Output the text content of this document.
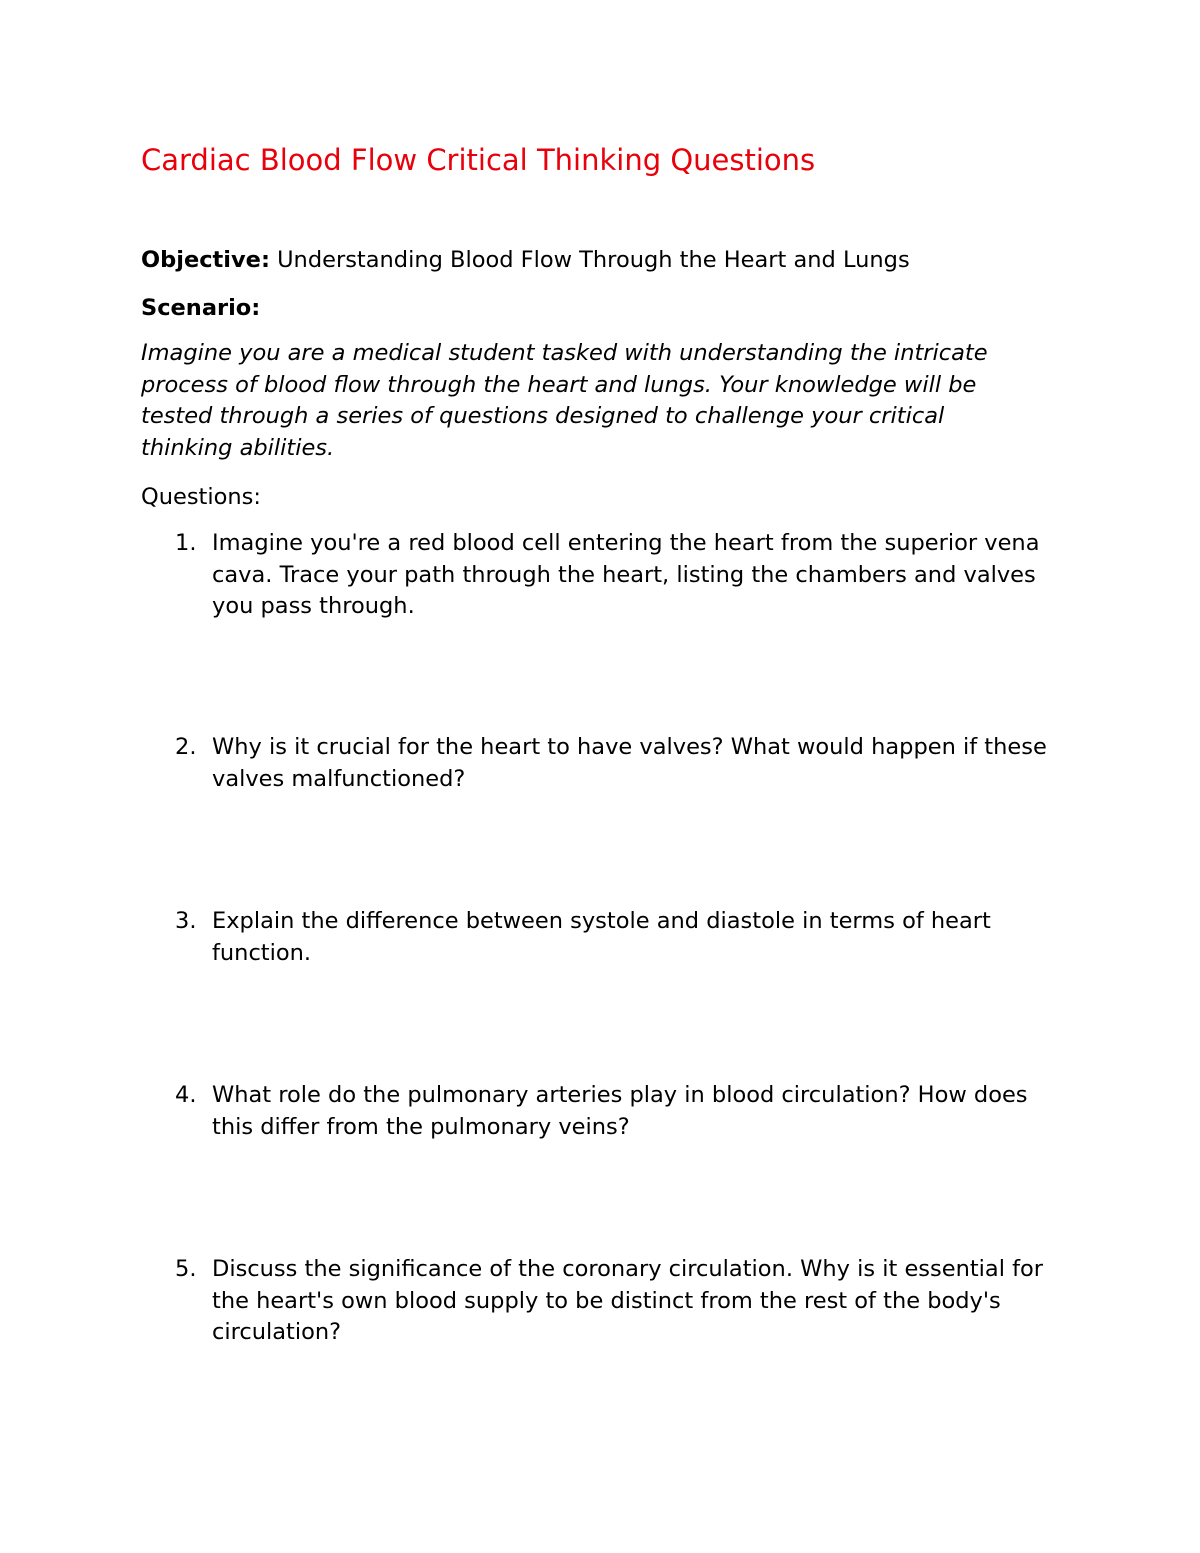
Cardiac Blood Flow Critical Thinking Questions

Objective: Understanding Blood Flow Through the Heart and Lungs

Scenario:

Imagine you are a medical student tasked with understanding the intricate process of blood flow through the heart and lungs. Your knowledge will be tested through a series of questions designed to challenge your critical thinking abilities.

Questions:

1. Imagine you're a red blood cell entering the heart from the superior vena cava. Trace your path through the heart, listing the chambers and valves you pass through.
2. Why is it crucial for the heart to have valves? What would happen if these valves malfunctioned?
3. Explain the difference between systole and diastole in terms of heart function.
4. What role do the pulmonary arteries play in blood circulation? How does this differ from the pulmonary veins?
5. Discuss the significance of the coronary circulation. Why is it essential for the heart's own blood supply to be distinct from the rest of the body's circulation?
